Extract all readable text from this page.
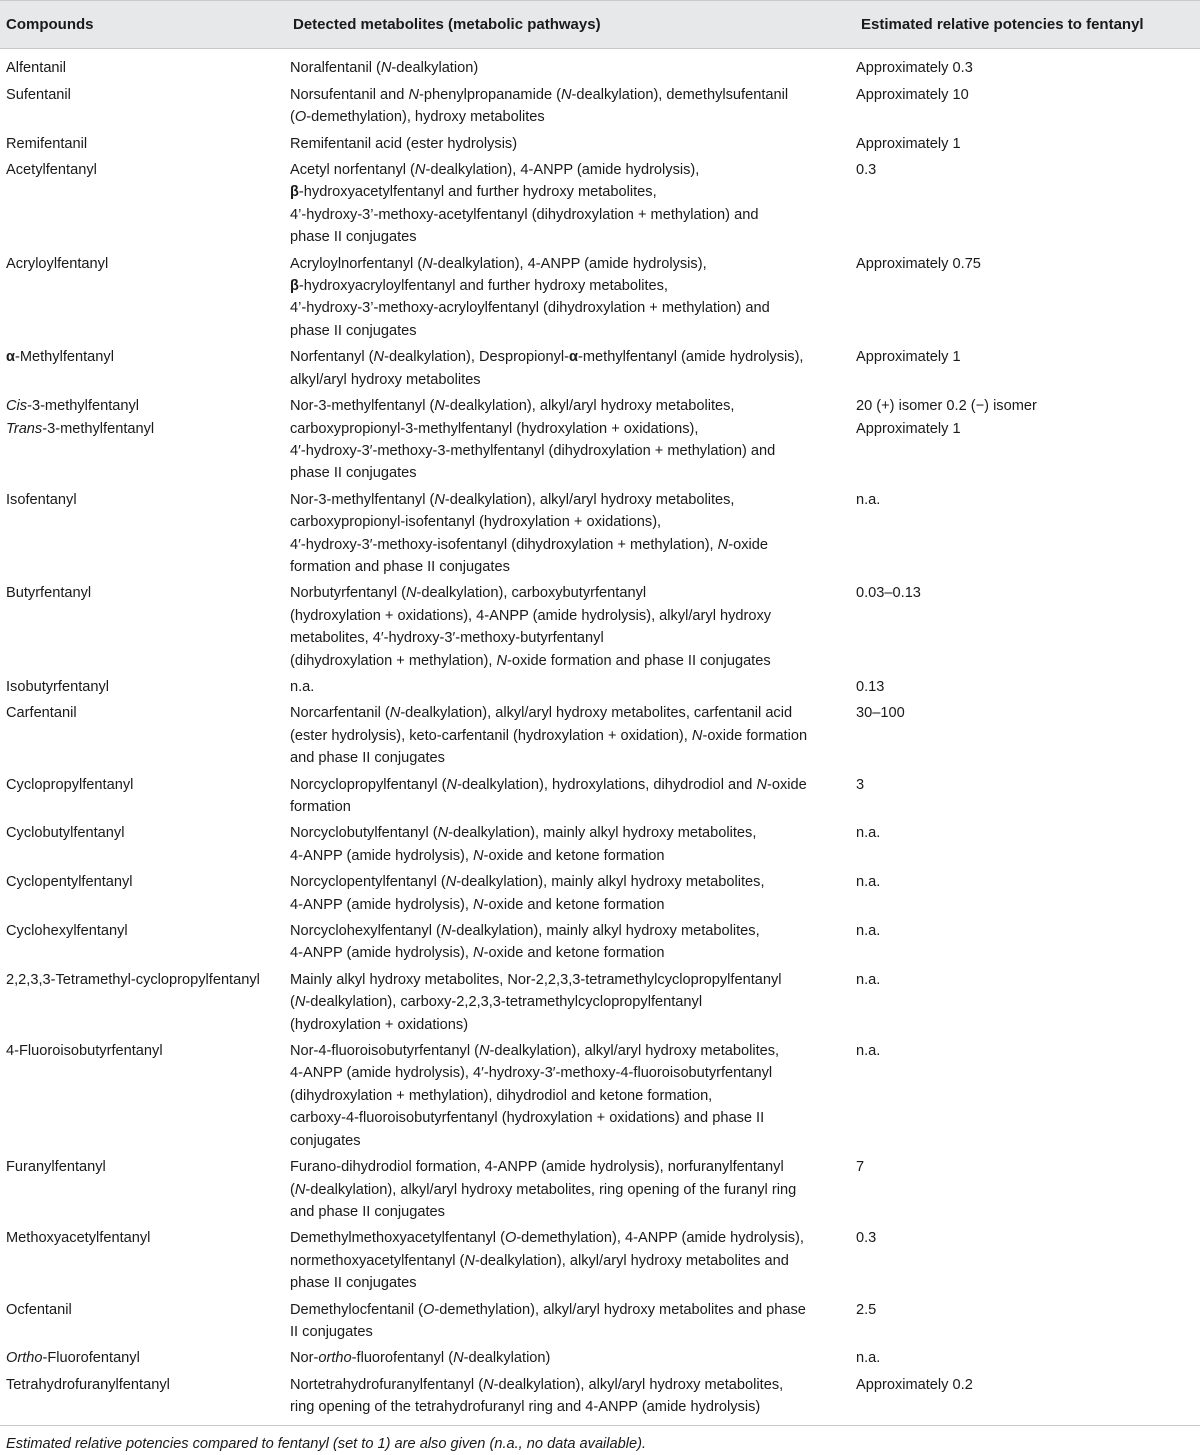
Compounds	Detected metabolites (metabolic pathways)	Estimated relative potencies to fentanyl

Alfentanil	Noralfentanil (N-dealkylation)	Approximately 0.3

Sufentanil	Norsufentanil and N-phenylpropanamide (N-dealkylation), demethylsufentanil
(O-demethylation), hydroxy metabolites	Approximately 10

Remifentanil	Remifentanil acid (ester hydrolysis)	Approximately 1

Acetylfentanyl	Acetyl norfentanyl (N-dealkylation), 4-ANPP (amide hydrolysis),
β-hydroxyacetylfentanyl and further hydroxy metabolites,
4’-hydroxy-3’-methoxy-acetylfentanyl (dihydroxylation + methylation) and
phase II conjugates	0.3

Acryloylfentanyl	Acryloylnorfentanyl (N-dealkylation), 4-ANPP (amide hydrolysis),
β-hydroxyacryloylfentanyl and further hydroxy metabolites,
4’-hydroxy-3’-methoxy-acryloylfentanyl (dihydroxylation + methylation) and
phase II conjugates	Approximately 0.75

α-Methylfentanyl	Norfentanyl (N-dealkylation), Despropionyl-α-methylfentanyl (amide hydrolysis),
alkyl/aryl hydroxy metabolites	Approximately 1

Cis-3-methylfentanyl
Trans-3-methylfentanyl	Nor-3-methylfentanyl (N-dealkylation), alkyl/aryl hydroxy metabolites,
carboxypropionyl-3-methylfentanyl (hydroxylation + oxidations),
4′-hydroxy-3′-methoxy-3-methylfentanyl (dihydroxylation + methylation) and
phase II conjugates	20 (+) isomer 0.2 (−) isomer
Approximately 1

Isofentanyl	Nor-3-methylfentanyl (N-dealkylation), alkyl/aryl hydroxy metabolites,
carboxypropionyl-isofentanyl (hydroxylation + oxidations),
4′-hydroxy-3′-methoxy-isofentanyl (dihydroxylation + methylation), N-oxide
formation and phase II conjugates	n.a.

Butyrfentanyl	Norbutyrfentanyl (N-dealkylation), carboxybutyrfentanyl
(hydroxylation + oxidations), 4-ANPP (amide hydrolysis), alkyl/aryl hydroxy
metabolites, 4′-hydroxy-3′-methoxy-butyrfentanyl
(dihydroxylation + methylation), N-oxide formation and phase II conjugates	0.03–0.13

Isobutyrfentanyl	n.a.	0.13

Carfentanil	Norcarfentanil (N-dealkylation), alkyl/aryl hydroxy metabolites, carfentanil acid
(ester hydrolysis), keto-carfentanil (hydroxylation + oxidation), N-oxide formation
and phase II conjugates	30–100

Cyclopropylfentanyl	Norcyclopropylfentanyl (N-dealkylation), hydroxylations, dihydrodiol and N-oxide
formation	3

Cyclobutylfentanyl	Norcyclobutylfentanyl (N-dealkylation), mainly alkyl hydroxy metabolites,
4-ANPP (amide hydrolysis), N-oxide and ketone formation	n.a.

Cyclopentylfentanyl	Norcyclopentylfentanyl (N-dealkylation), mainly alkyl hydroxy metabolites,
4-ANPP (amide hydrolysis), N-oxide and ketone formation	n.a.

Cyclohexylfentanyl	Norcyclohexylfentanyl (N-dealkylation), mainly alkyl hydroxy metabolites,
4-ANPP (amide hydrolysis), N-oxide and ketone formation	n.a.

2,2,3,3-Tetramethyl-cyclopropylfentanyl	Mainly alkyl hydroxy metabolites, Nor-2,2,3,3-tetramethylcyclopropylfentanyl
(N-dealkylation), carboxy-2,2,3,3-tetramethylcyclopropylfentanyl
(hydroxylation + oxidations)	n.a.

4-Fluoroisobutyrfentanyl	Nor-4-fluoroisobutyrfentanyl (N-dealkylation), alkyl/aryl hydroxy metabolites,
4-ANPP (amide hydrolysis), 4′-hydroxy-3′-methoxy-4-fluoroisobutyrfentanyl
(dihydroxylation + methylation), dihydrodiol and ketone formation,
carboxy-4-fluoroisobutyrfentanyl (hydroxylation + oxidations) and phase II
conjugates	n.a.

Furanylfentanyl	Furano-dihydrodiol formation, 4-ANPP (amide hydrolysis), norfuranylfentanyl
(N-dealkylation), alkyl/aryl hydroxy metabolites, ring opening of the furanyl ring
and phase II conjugates	7

Methoxyacetylfentanyl	Demethylmethoxyacetylfentanyl (O-demethylation), 4-ANPP (amide hydrolysis),
normethoxyacetylfentanyl (N-dealkylation), alkyl/aryl hydroxy metabolites and
phase II conjugates	0.3

Ocfentanil	Demethylocfentanil (O-demethylation), alkyl/aryl hydroxy metabolites and phase
II conjugates	2.5

Ortho-Fluorofentanyl	Nor-ortho-fluorofentanyl (N-dealkylation)	n.a.

Tetrahydrofuranylfentanyl	Nortetrahydrofuranylfentanyl (N-dealkylation), alkyl/aryl hydroxy metabolites,
ring opening of the tetrahydrofuranyl ring and 4-ANPP (amide hydrolysis)	Approximately 0.2
Estimated relative potencies compared to fentanyl (set to 1) are also given (n.a., no data available).
